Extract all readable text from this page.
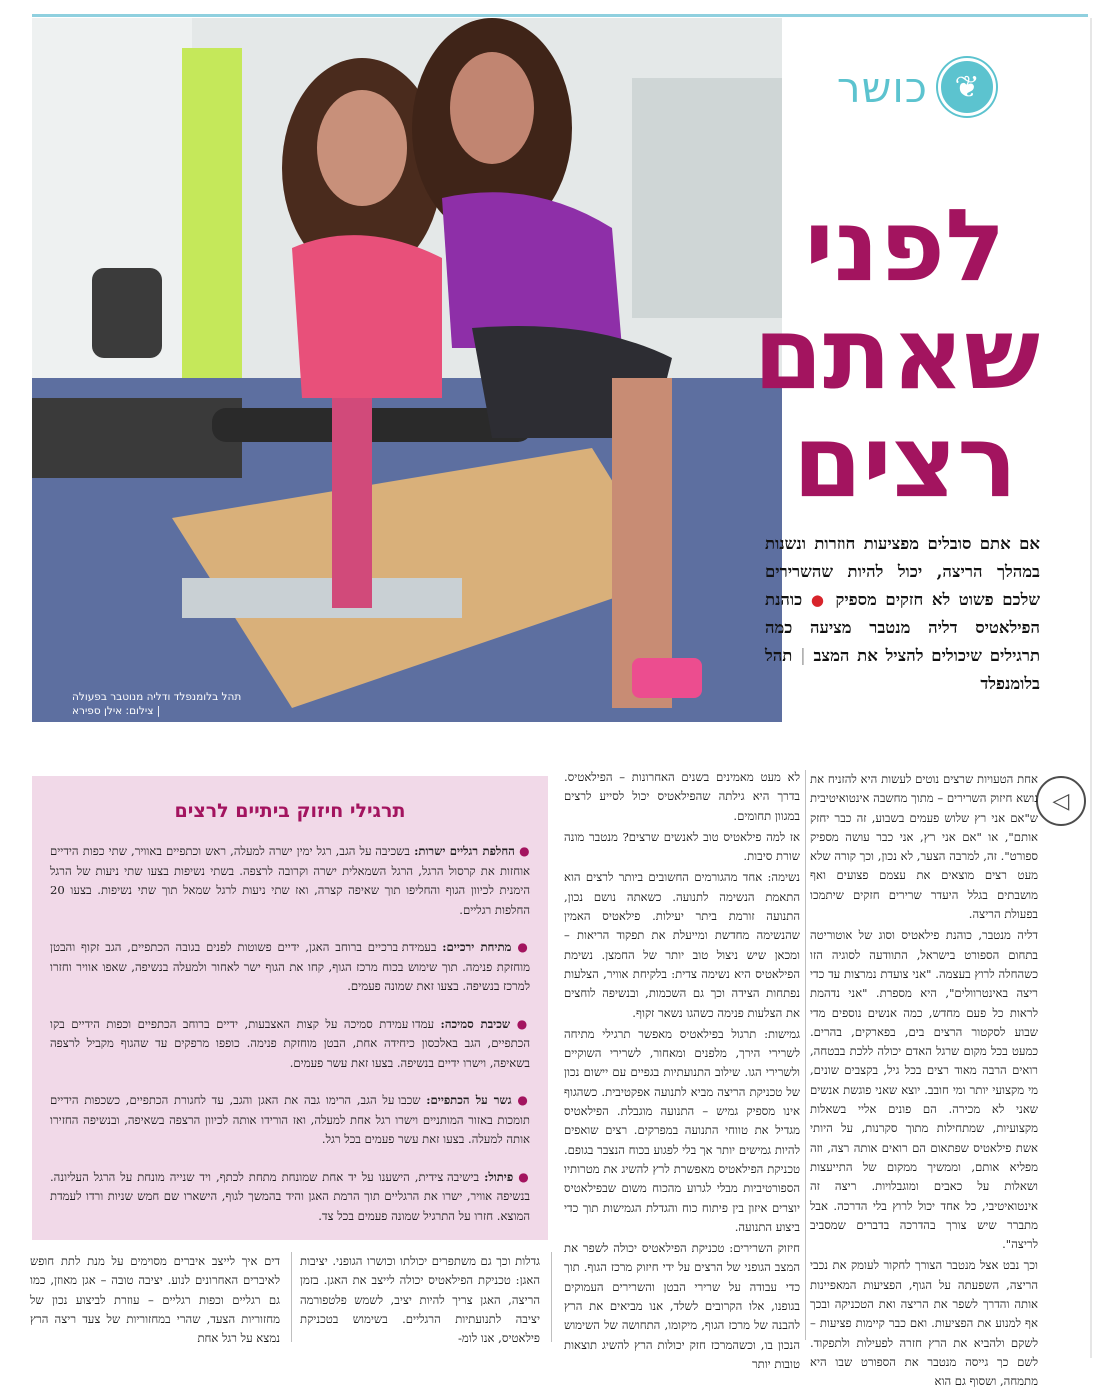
תהל בלומנפלד ודליה מנוטבר בפעולה
| צילום: אילן ספירא
❦
כושר
לפני
שאתם
רצים
אם אתם סובלים מפציעות חוזרות ונשנות במהלך הריצה, יכול להיות שהשרירים שלכם פשוט לא חזקים מספיק ● כוהנת הפילאטיס דליה מנטבר מציעה כמה תרגילים שיכולים להציל את המצב | תהל בלומנפלד
◁

אחת הטעויות שרצים נוטים לעשות היא להזניח את נושא חיזוק השרירים – מתוך מחשבה אינטואיטיבית ש"אם אני רץ שלוש פעמים בשבוע, זה כבר יחזק אותם", או "אם אני רץ, אני כבר עושה מספיק ספורט". זה, למרבה הצער, לא נכון, וכך קורה שלא מעט רצים מוצאים את עצמם פצועים ואף מושבתים בגלל היעדר שרירים חזקים שיתמכו בפעולת הריצה.

דליה מנטבר, כוהנת פילאטיס וסוג של אוטוריטה בתחום הספורט בישראל, התוודעה לסוגיה הזו כשהחלה לרוץ בעצמה. "אני צועדת נמרצות עד כדי ריצה באינטרוולים", היא מספרת. "אני נדהמת לראות כל פעם מחדש, כמה אנשים נוספים מדי שבוע לסקטור הרצים בים, בפארקים, בהרים. כמעט בכל מקום שרגל האדם יכולה ללכת בבטחה, רואים הרבה מאוד רצים בכל גיל, בקצבים שונים, מי מקצועי יותר ומי חובב. יוצא שאני פוגשת אנשים שאני לא מכירה. הם פונים אליי בשאלות מקצועיות, שמתחילות מתוך סקרנות, על היותי אשת פילאטיס שפתאום הם רואים אותה רצה, וזה מפליא אותם, וממשיך ממקום של התייעצות ושאלות על כאבים ומוגבלויות. ריצה זה אינטואיטיבי, כל אחד יכול לרוץ בלי הדרכה. אבל מתברר שיש צורך בהדרכה בדברים שמסביב לריצה".

וכך נבט אצל מנטבר הצורך לחקור לעומק את נכבי הריצה, השפעתה על הגוף, הפציעות המאפיינות אותה והדרך לשפר את הריצה ואת הטכניקה ובכך אף למנוע את הפציעות. ואם כבר קיימות פציעות – לשקם ולהביא את הרץ חזרה לפעילות ולתפקוד. לשם כך גייסה מנטבר את הספורט שבו היא מתמחה, ושסוף גם הוא

לא מעט מאמינים בשנים האחרונות – הפילאטיס. בדרך היא גילתה שהפילאטיס יכול לסייע לרצים במגוון תחומים.

אז למה פילאטיס טוב לאנשים שרצים? מנטבר מונה שורת סיבות.

נשימה: אחד מהגורמים החשובים ביותר לרצים הוא התאמת הנשימה לתנועה. כשאתה נושם נכון, התנועה זורמת ביתר יעילות. פילאטיס האמין שהנשימה מחדשת ומייעלת את תפקוד הריאות – ומכאן שיש ניצול טוב יותר של החמצן. נשימת הפילאטיס היא נשימה צדית: בלקיחת אוויר, הצלעות נפתחות הצידה וכך גם השכמות, ובנשיפה לוחצים את הצלעות פנימה כשהגו נשאר זקוף.

גמישות: תרגול בפילאטיס מאפשר תרגילי מתיחה לשרירי הירך, מלפנים ומאחור, לשרירי השוקיים ולשרירי הגו. שילוב התנועתיות בגפיים עם יישום נכון של טכניקת הריצה מביא לתנועה אפקטיבית. כשהגוף אינו מספיק גמיש – התנועה מוגבלת. הפילאטיס מגדיל את טווחי התנועה במפרקים. רצים שואפים להיות גמישים יותר אך בלי לפגוע בכוח הנצבר בגופם. טכניקת הפילאטיס מאפשרת לרץ להשיג את מטרותיו הספורטיביות מבלי לגרוע מהכוח משום שבפילאטיס יוצרים איזון בין פיתוח כוח והגדלת הגמישות תוך כדי ביצוע התנועה.

חיזוק השרירים: טכניקת הפילאטיס יכולה לשפר את המצב הגופני של הרצים על ידי חיזוק מרכז הגוף. תוך כדי עבודה על שרירי הבטן והשרירים העמוקים בגופנו, אלו הקרובים לשלד, אנו מביאים את הרץ להבנה של מרכז הגוף, מיקומו, התחושה של השימוש הנכון בו, וכשהמרכז חזק יכולות הרץ להשיג תוצאות טובות יותר

תרגילי חיזוק ביתיים לרצים
● החלפת רגליים ישרות: בשכיבה על הגב, רגל ימין ישרה למעלה, ראש וכתפיים באוויר, שתי כפות הידיים אוחזות את קרסול הרגל, הרגל השמאלית ישרה וקרובה לרצפה. בשתי נשיפות בצעו שתי ניעות של הרגל הימנית לכיוון הגוף והחליפו תוך שאיפה קצרה, ואז שתי ניעות לרגל שמאל תוך שתי נשיפות. בצעו 20 החלפות רגליים.
● מתיחת ירכיים: בעמידת ברכיים ברוחב האגן, ידיים פשוטות לפנים בגובה הכתפיים, הגב זקוף והבטן מוחזקת פנימה. תוך שימוש בכוח מרכז הגוף, קחו את הגוף ישר לאחור ולמעלה בנשיפה, שאפו אוויר וחזרו למרכז בנשיפה. בצעו זאת שמונה פעמים.
● שכיבת סמיכה: עמדו עמידת סמיכה על קצות האצבעות, ידיים ברוחב הכתפיים וכפות הידיים בקו הכתפיים, הגב באלכסון כיחידה אחת, הבטן מוחזקת פנימה. כופפו מרפקים עד שהגוף מקביל לרצפה בשאיפה, וישרו ידיים בנשיפה. בצעו זאת עשר פעמים.
● גשר על הכתפיים: שכבו על הגב, הרימו גבה את האגן והגב, עד לחגורת הכתפיים, כשכפות הידיים תומכות באזור המותניים וישרו רגל אחת למעלה, ואז הורידו אותה לכיוון הרצפה בשאיפה, ובנשיפה החזירו אותה למעלה. בצעו זאת עשר פעמים בכל רגל.
● פיתול: בישיבה צידית, הישענו על יד אחת שמונחת מתחת לכתף, ויד שנייה מונחת על הרגל העליונה. בנשיפה אוויר, ישרו את הרגליים תוך הרמת האגן והיד בהמשך לגוף, הישארו שם חמש שניות ורדו לעמדת המוצא. חזרו על התרגיל שמונה פעמים בכל צד.

גדלות וכך גם משתפרים יכולתו וכושרו הגופני. יציבות האגן: טכניקת הפילאטיס יכולה לייצב את האגן. בזמן הריצה, האגן צריך להיות יציב, לשמש פלטפורמה יציבה לתנועתיות הרגליים. בשימוש בטכניקת פילאטיס, אנו לומ-

דים איך לייצב איברים מסוימים על מנת לתת חופש לאיברים האחרונים לנוע. יציבה טובה – אגן מאוזן, כמו גם רגליים וכפות רגליים – עוזרת לביצוע נכון של מחזוריות הצעד, שהרי במחזוריות של צעד ריצה הרץ נמצא על רגל אחת
